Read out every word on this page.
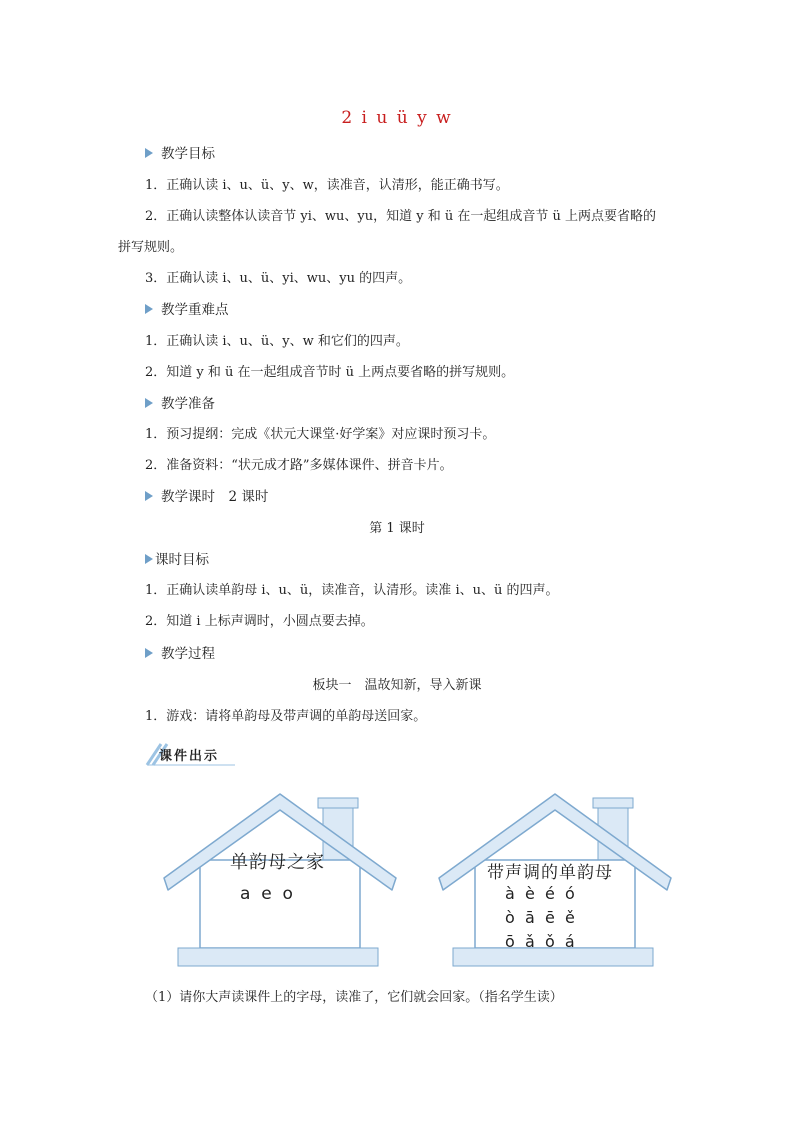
2 i u ü y w
教学目标
1．正确认读 i、u、ü、y、w，读准音，认清形，能正确书写。
2．正确认读整体认读音节 yi、wu、yu，知道 y 和 ü 在一起组成音节 ü 上两点要省略的
拼写规则。
3．正确认读 i、u、ü、yi、wu、yu 的四声。
教学重难点
1．正确认读 i、u、ü、y、w 和它们的四声。
2．知道 y 和 ü 在一起组成音节时 ü 上两点要省略的拼写规则。
教学准备
1．预习提纲：完成《状元大课堂·好学案》对应课时预习卡。
2．准备资料：“状元成才路”多媒体课件、拼音卡片。
教学课时　2 课时
第 1 课时
课时目标
1．正确认读单韵母 i、u、ü，读准音，认清形。读准 i、u、ü 的四声。
2．知道 i 上标声调时，小圆点要去掉。
教学过程
板块一　温故知新，导入新课
1．游戏：请将单韵母及带声调的单韵母送回家。
课件出示
单韵母之家
a  e  o
带声调的单韵母
à  è  é  ó
ò  ā  ē  ě
ō  ǎ  ǒ  á
（1）请你大声读课件上的字母，读准了，它们就会回家。（指名学生读）
